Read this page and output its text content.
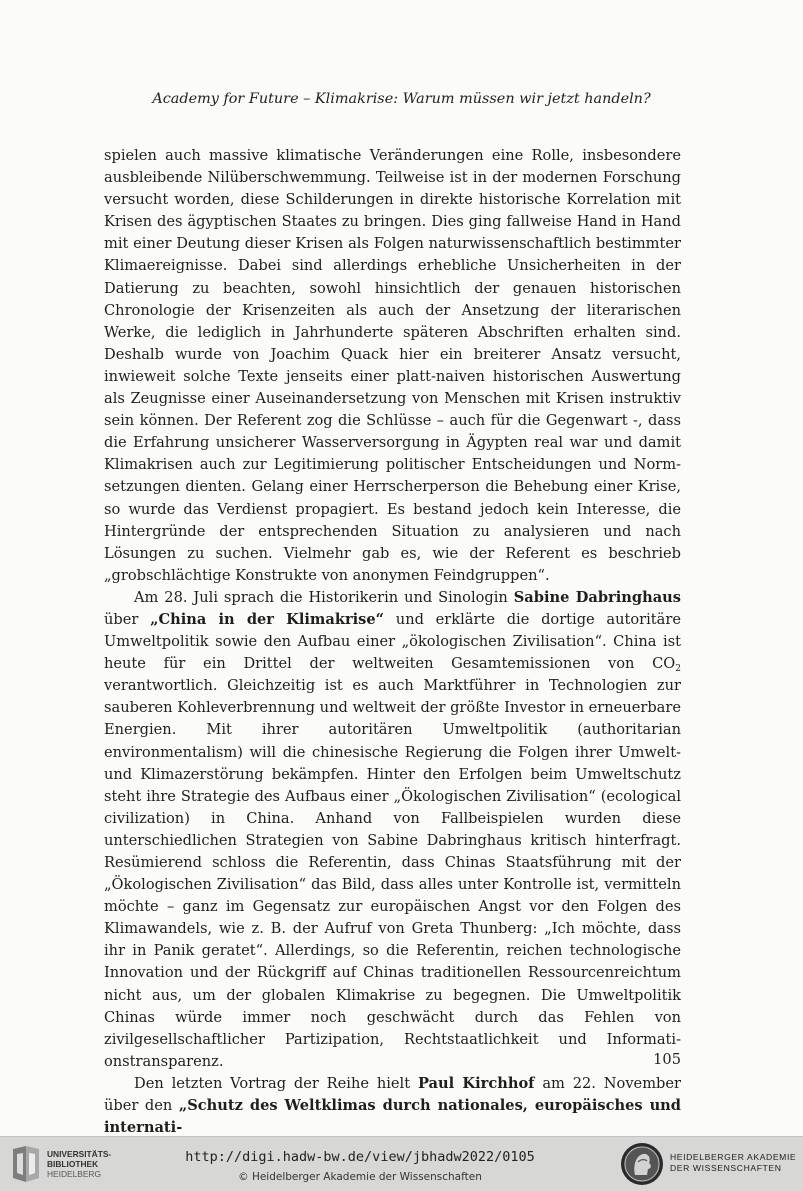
Academy for Future – Klimakrise: Warum müssen wir jetzt handeln?

spielen auch massive klimatische Veränderungen eine Rolle, insbesondere ausbleibende Nilüberschwemmung. Teilweise ist in der modernen Forschung versucht worden, diese Schilderungen in direkte historische Korrelation mit Krisen des ägyptischen Staates zu bringen. Dies ging fallweise Hand in Hand mit einer Deutung dieser Krisen als Folgen naturwissenschaftlich bestimmter Klimaereignisse. Dabei sind allerdings erhebliche Unsicherheiten in der Datierung zu beachten, sowohl hinsichtlich der genauen historischen Chronologie der Krisenzeiten als auch der Ansetzung der literarischen Werke, die lediglich in Jahrhunderte späteren Abschriften erhalten sind. Deshalb wurde von Joachim Quack hier ein breiterer Ansatz versucht, inwieweit solche Texte jenseits einer platt-naiven historischen Auswertung als Zeugnisse einer Auseinandersetzung von Menschen mit Krisen instruktiv sein können. Der Referent zog die Schlüsse – auch für die Gegenwart -, dass die Erfahrung unsicherer Wasserversorgung in Ägypten real war und damit Klimakrisen auch zur Legitimierung politischer Entscheidungen und Normsetzungen dienten. Gelang einer Herrscherperson die Behebung einer Krise, so wurde das Verdienst propagiert. Es bestand jedoch kein Interesse, die Hintergründe der entsprechenden Situation zu analysieren und nach Lösungen zu suchen. Vielmehr gab es, wie der Referent es beschrieb „grobschlächtige Konstrukte von anonymen Feindgruppen“.

Am 28. Juli sprach die Historikerin und Sinologin Sabine Dabringhaus über „China in der Klimakrise“ und erklärte die dortige autoritäre Umweltpolitik sowie den Aufbau einer „ökologischen Zivilisation“. China ist heute für ein Drittel der weltweiten Gesamtemissionen von $CO_2$ verantwortlich. Gleichzeitig ist es auch Marktführer in Technologien zur sauberen Kohleverbrennung und weltweit der größte Investor in erneuerbare Energien. Mit ihrer autoritären Umweltpolitik (authoritarian environmentalism) will die chinesische Regierung die Folgen ihrer Umwelt- und Klimazerstörung bekämpfen. Hinter den Erfolgen beim Umweltschutz steht ihre Strategie des Aufbaus einer „Ökologischen Zivilisation“ (ecological civilization) in China. Anhand von Fallbeispielen wurden diese unterschiedlichen Strategien von Sabine Dabringhaus kritisch hinterfragt. Resümierend schloss die Referentin, dass Chinas Staatsführung mit der „Ökologischen Zivilisation“ das Bild, dass alles unter Kontrolle ist, vermitteln möchte – ganz im Gegensatz zur europäischen Angst vor den Folgen des Klimawandels, wie z. B. der Aufruf von Greta Thunberg: „Ich möchte, dass ihr in Panik geratet“. Allerdings, so die Referentin, reichen technologische Innovation und der Rückgriff auf Chinas traditionellen Ressourcenreichtum nicht aus, um der globalen Klimakrise zu begegnen. Die Umweltpolitik Chinas würde immer noch geschwächt durch das Fehlen von zivilgesellschaftlicher Partizipation, Rechtstaatlichkeit und Informationstransparenz.

Den letzten Vortrag der Reihe hielt Paul Kirchhof am 22. November über den „Schutz des Weltklimas durch nationales, europäisches und internati-

105
UNIVERSITÄTS-
BIBLIOTHEK
HEIDELBERG
http://digi.hadw-bw.de/view/jbhadw2022/0105
© Heidelberger Akademie der Wissenschaften
HEIDELBERGER AKADEMIE
DER WISSENSCHAFTEN
